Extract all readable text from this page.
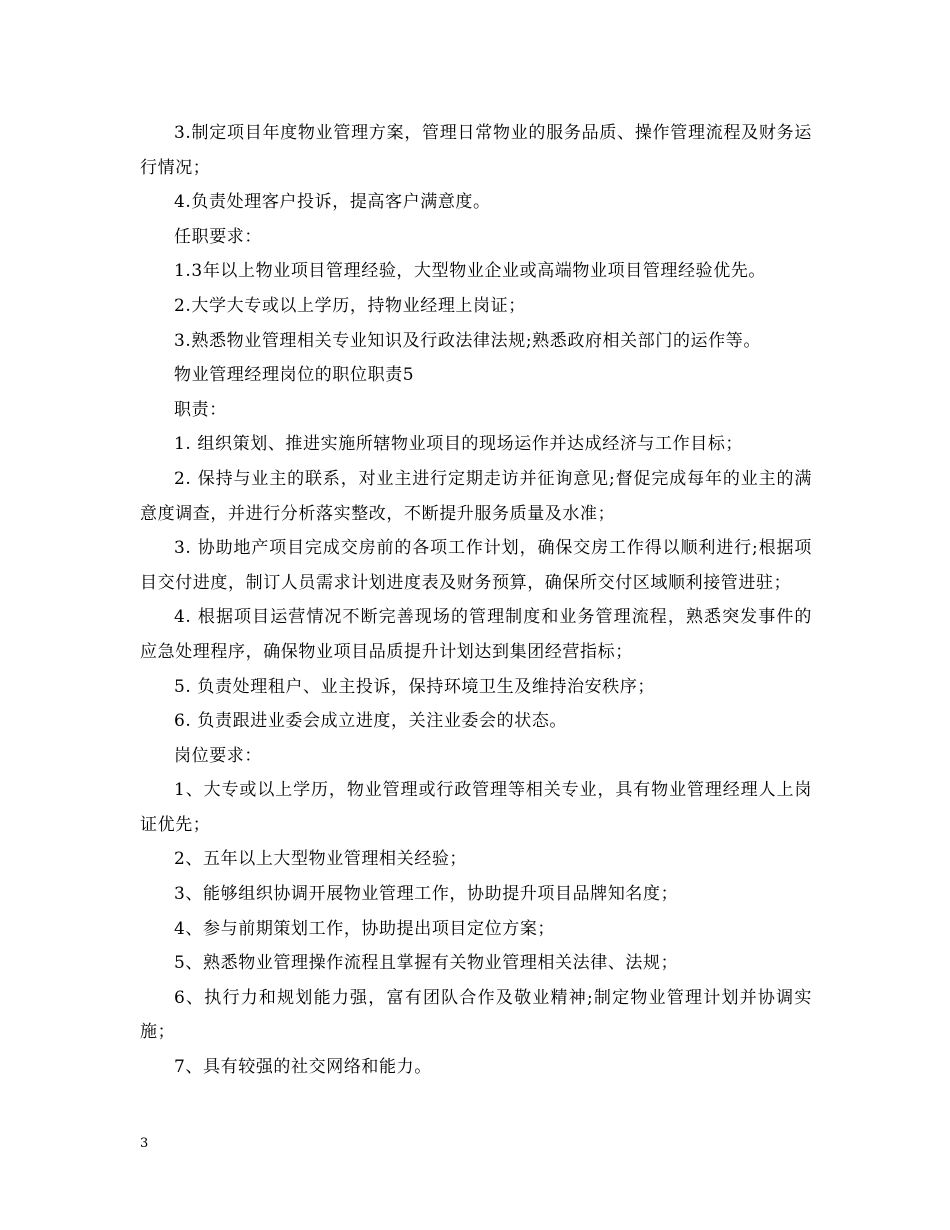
3.制定项目年度物业管理方案，管理日常物业的服务品质、操作管理流程及财务运行情况；

4.负责处理客户投诉，提高客户满意度。

任职要求：

1.3年以上物业项目管理经验，大型物业企业或高端物业项目管理经验优先。

2.大学大专或以上学历，持物业经理上岗证；

3.熟悉物业管理相关专业知识及行政法律法规;熟悉政府相关部门的运作等。

物业管理经理岗位的职位职责5

职责：

1. 组织策划、推进实施所辖物业项目的现场运作并达成经济与工作目标；

2. 保持与业主的联系，对业主进行定期走访并征询意见;督促完成每年的业主的满意度调查，并进行分析落实整改，不断提升服务质量及水准；

3. 协助地产项目完成交房前的各项工作计划，确保交房工作得以顺利进行;根据项目交付进度，制订人员需求计划进度表及财务预算，确保所交付区域顺利接管进驻；

4. 根据项目运营情况不断完善现场的管理制度和业务管理流程，熟悉突发事件的应急处理程序，确保物业项目品质提升计划达到集团经营指标；

5. 负责处理租户、业主投诉，保持环境卫生及维持治安秩序；

6. 负责跟进业委会成立进度，关注业委会的状态。

岗位要求：

1、大专或以上学历，物业管理或行政管理等相关专业，具有物业管理经理人上岗证优先；

2、五年以上大型物业管理相关经验；

3、能够组织协调开展物业管理工作，协助提升项目品牌知名度；

4、参与前期策划工作，协助提出项目定位方案；

5、熟悉物业管理操作流程且掌握有关物业管理相关法律、法规；

6、执行力和规划能力强，富有团队合作及敬业精神;制定物业管理计划并协调实施；

7、具有较强的社交网络和能力。

3
